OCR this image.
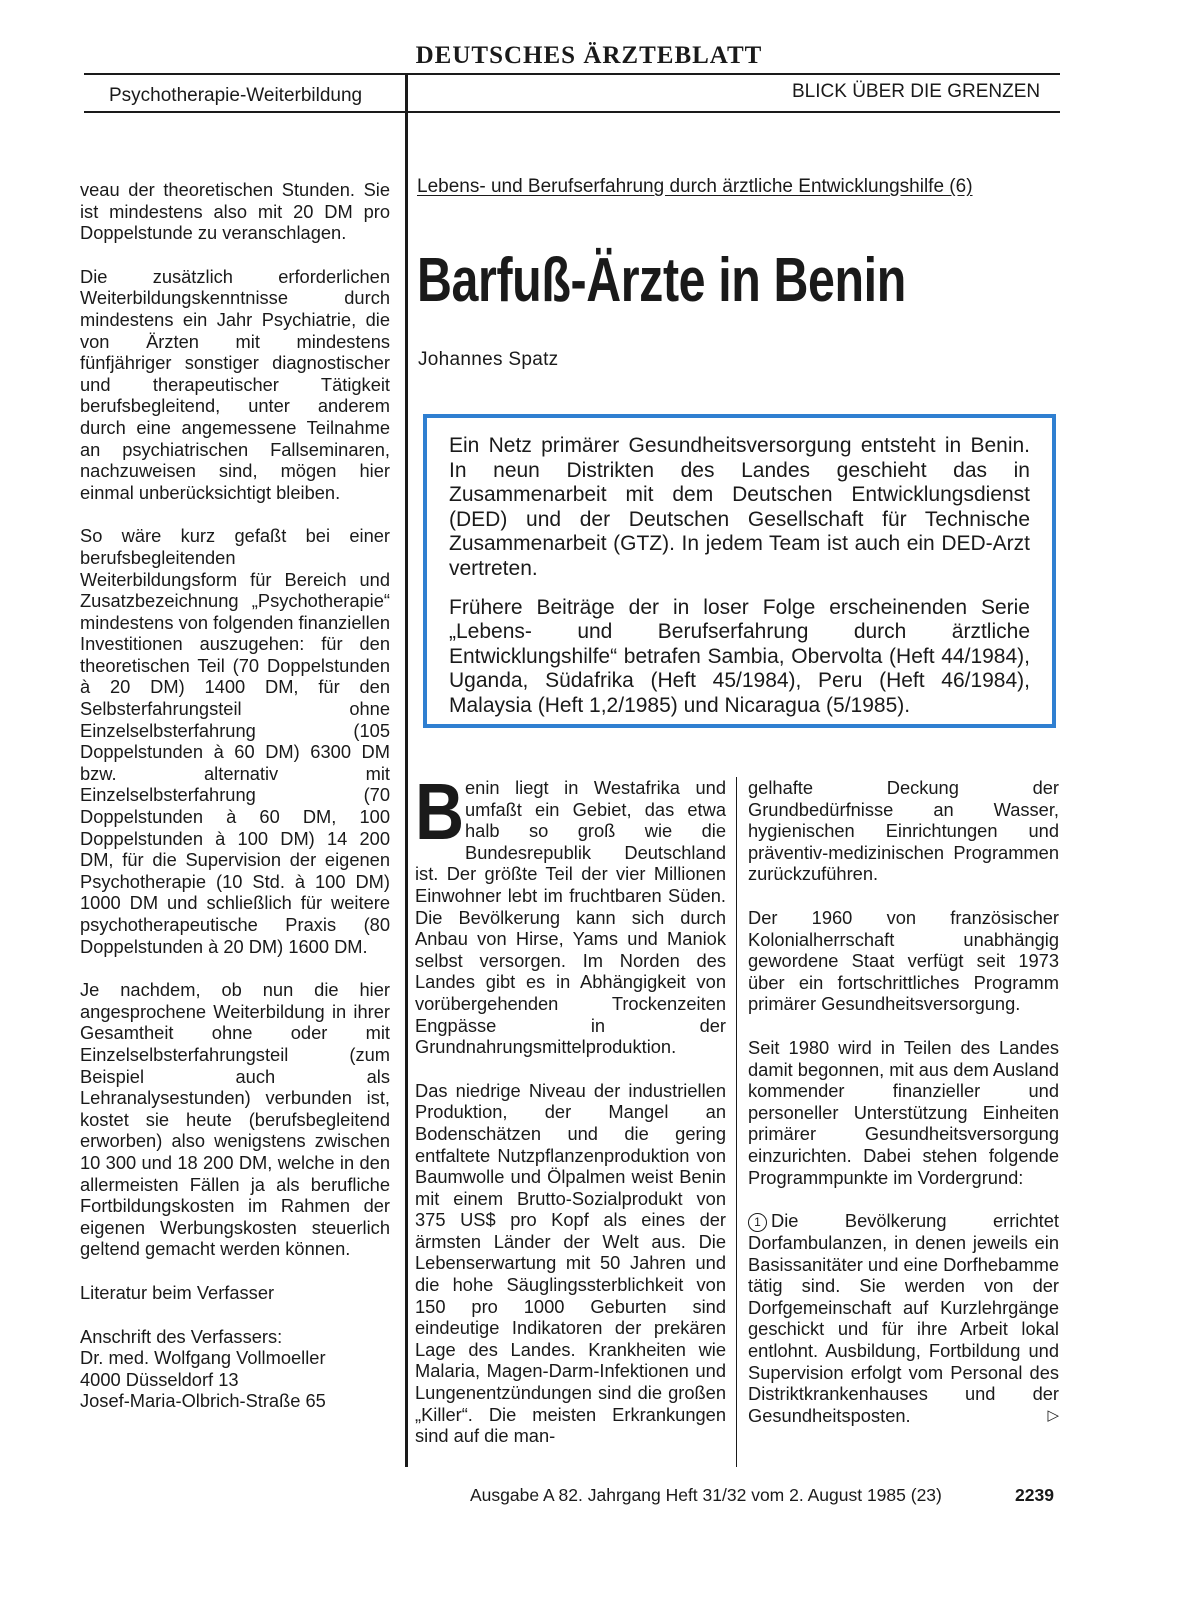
DEUTSCHES ÄRZTEBLATT
Psychotherapie-Weiterbildung	BLICK ÜBER DIE GRENZEN

veau der theoretischen Stunden. Sie ist mindestens also mit 20 DM pro Doppelstunde zu veranschlagen.

Die zusätzlich erforderlichen Weiterbildungskenntnisse durch mindestens ein Jahr Psychiatrie, die von Ärzten mit mindestens fünfjähriger sonstiger diagnostischer und therapeutischer Tätigkeit berufsbegleitend, unter anderem durch eine angemessene Teilnahme an psychiatrischen Fallseminaren, nachzuweisen sind, mögen hier einmal unberücksichtigt bleiben.

So wäre kurz gefaßt bei einer berufsbegleitenden Weiterbildungsform für Bereich und Zusatzbezeichnung „Psychotherapie“ mindestens von folgenden finanziellen Investitionen auszugehen: für den theoretischen Teil (70 Doppelstunden à 20 DM) 1400 DM, für den Selbsterfahrungsteil ohne Einzelselbsterfahrung (105 Doppelstunden à 60 DM) 6300 DM bzw. alternativ mit Einzelselbsterfahrung (70 Doppelstunden à 60 DM, 100 Doppelstunden à 100 DM) 14 200 DM, für die Supervision der eigenen Psychotherapie (10 Std. à 100 DM) 1000 DM und schließlich für weitere psychotherapeutische Praxis (80 Doppelstunden à 20 DM) 1600 DM.

Je nachdem, ob nun die hier angesprochene Weiterbildung in ihrer Gesamtheit ohne oder mit Einzelselbsterfahrungsteil (zum Beispiel auch als Lehranalysestunden) verbunden ist, kostet sie heute (berufsbegleitend erworben) also wenigstens zwischen 10 300 und 18 200 DM, welche in den allermeisten Fällen ja als berufliche Fortbildungskosten im Rahmen der eigenen Werbungskosten steuerlich geltend gemacht werden können.

Literatur beim Verfasser

Anschrift des Verfassers:
Dr. med. Wolfgang Vollmoeller
4000 Düsseldorf 13
Josef-Maria-Olbrich-Straße 65

Lebens- und Berufserfahrung durch ärztliche Entwicklungshilfe (6)
Barfuß-Ärzte in Benin
Johannes Spatz

Ein Netz primärer Gesundheitsversorgung entsteht in Benin. In neun Distrikten des Landes geschieht das in Zusammenarbeit mit dem Deutschen Entwicklungsdienst (DED) und der Deutschen Gesellschaft für Technische Zusammenarbeit (GTZ). In jedem Team ist auch ein DED-Arzt vertreten.

Frühere Beiträge der in loser Folge erscheinenden Serie „Lebens- und Berufserfahrung durch ärztliche Entwicklungshilfe“ betrafen Sambia, Obervolta (Heft 44/1984), Uganda, Südafrika (Heft 45/1984), Peru (Heft 46/1984), Malaysia (Heft 1,2/1985) und Nicaragua (5/1985).

Benin liegt in Westafrika und umfaßt ein Gebiet, das etwa halb so groß wie die Bundesrepublik Deutschland ist. Der größte Teil der vier Millionen Einwohner lebt im fruchtbaren Süden. Die Bevölkerung kann sich durch Anbau von Hirse, Yams und Maniok selbst versorgen. Im Norden des Landes gibt es in Abhängigkeit von vorübergehenden Trockenzeiten Engpässe in der Grundnahrungsmittelproduktion.

Das niedrige Niveau der industriellen Produktion, der Mangel an Bodenschätzen und die gering entfaltete Nutzpflanzenproduktion von Baumwolle und Ölpalmen weist Benin mit einem Brutto-Sozialprodukt von 375 US$ pro Kopf als eines der ärmsten Länder der Welt aus. Die Lebenserwartung mit 50 Jahren und die hohe Säuglingssterblichkeit von 150 pro 1000 Geburten sind eindeutige Indikatoren der prekären Lage des Landes. Krankheiten wie Malaria, Magen-Darm-Infektionen und Lungenentzündungen sind die großen „Killer“. Die meisten Erkrankungen sind auf die man-

gelhafte Deckung der Grundbedürfnisse an Wasser, hygienischen Einrichtungen und präventiv-medizinischen Programmen zurückzuführen.

Der 1960 von französischer Kolonialherrschaft unabhängig gewordene Staat verfügt seit 1973 über ein fortschrittliches Programm primärer Gesundheitsversorgung.

Seit 1980 wird in Teilen des Landes damit begonnen, mit aus dem Ausland kommender finanzieller und personeller Unterstützung Einheiten primärer Gesundheitsversorgung einzurichten. Dabei stehen folgende Programmpunkte im Vordergrund:

1 Die Bevölkerung errichtet Dorfambulanzen, in denen jeweils ein Basissanitäter und eine Dorfhebamme tätig sind. Sie werden von der Dorfgemeinschaft auf Kurzlehrgänge geschickt und für ihre Arbeit lokal entlohnt. Ausbildung, Fortbildung und Supervision erfolgt vom Personal des Distriktkrankenhauses und der Gesundheitsposten.	▷

Ausgabe A 82. Jahrgang Heft 31/32 vom 2. August 1985 (23)	2239
